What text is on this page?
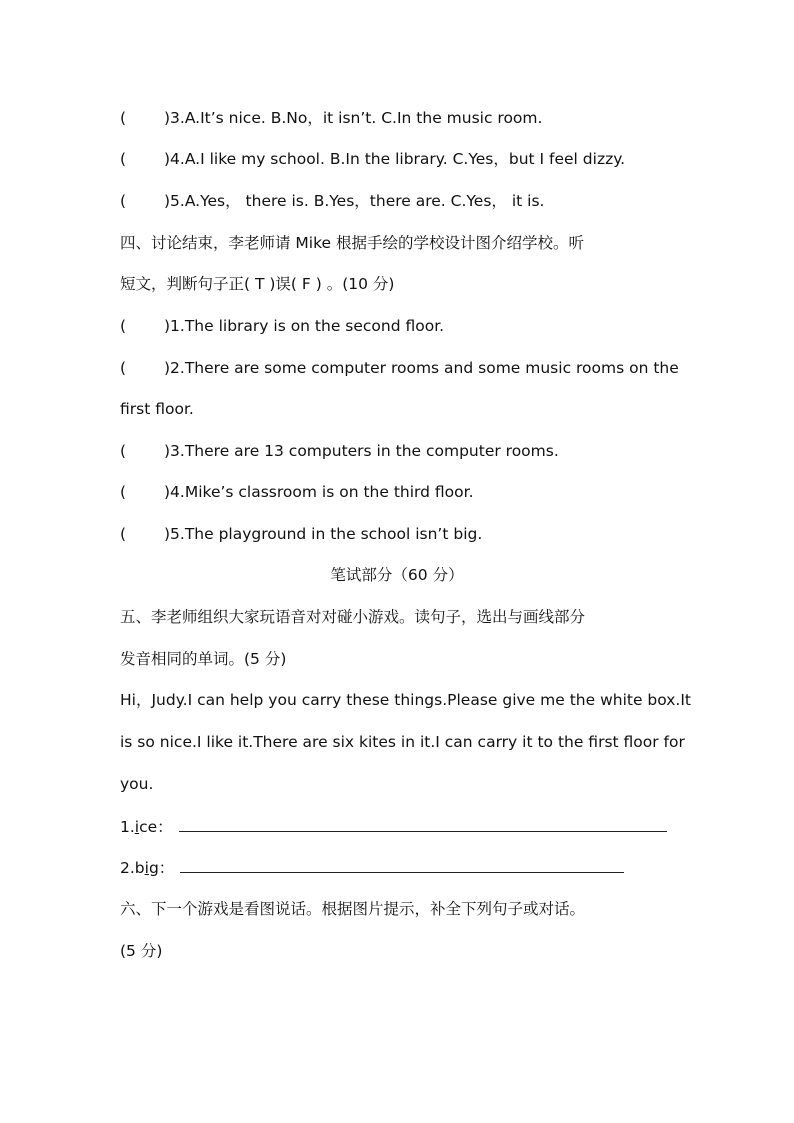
( )3.A.It’s nice. B.No，it isn’t. C.In the music room.
( )4.A.I like my school. B.In the library. C.Yes，but I feel dizzy.
( )5.A.Yes， there is. B.Yes，there are. C.Yes， it is.
四、讨论结束，李老师请 Mike 根据手绘的学校设计图介绍学校。听
短文，判断句子正( T )误( F ) 。(10 分)
( )1.The library is on the second floor.
( )2.There are some computer rooms and some music rooms on the
first floor.
( )3.There are 13 computers in the computer rooms.
( )4.Mike’s classroom is on the third floor.
( )5.The playground in the school isn’t big.
笔试部分（60 分）
五、李老师组织大家玩语音对对碰小游戏。读句子，选出与画线部分
发音相同的单词。(5 分)
Hi，Judy.I can help you carry these things.Please give me the white box.It
is so nice.I like it.There are six kites in it.I can carry it to the first floor for
you.
1.ice：
2.big：
六、下一个游戏是看图说话。根据图片提示，补全下列句子或对话。
(5 分)
